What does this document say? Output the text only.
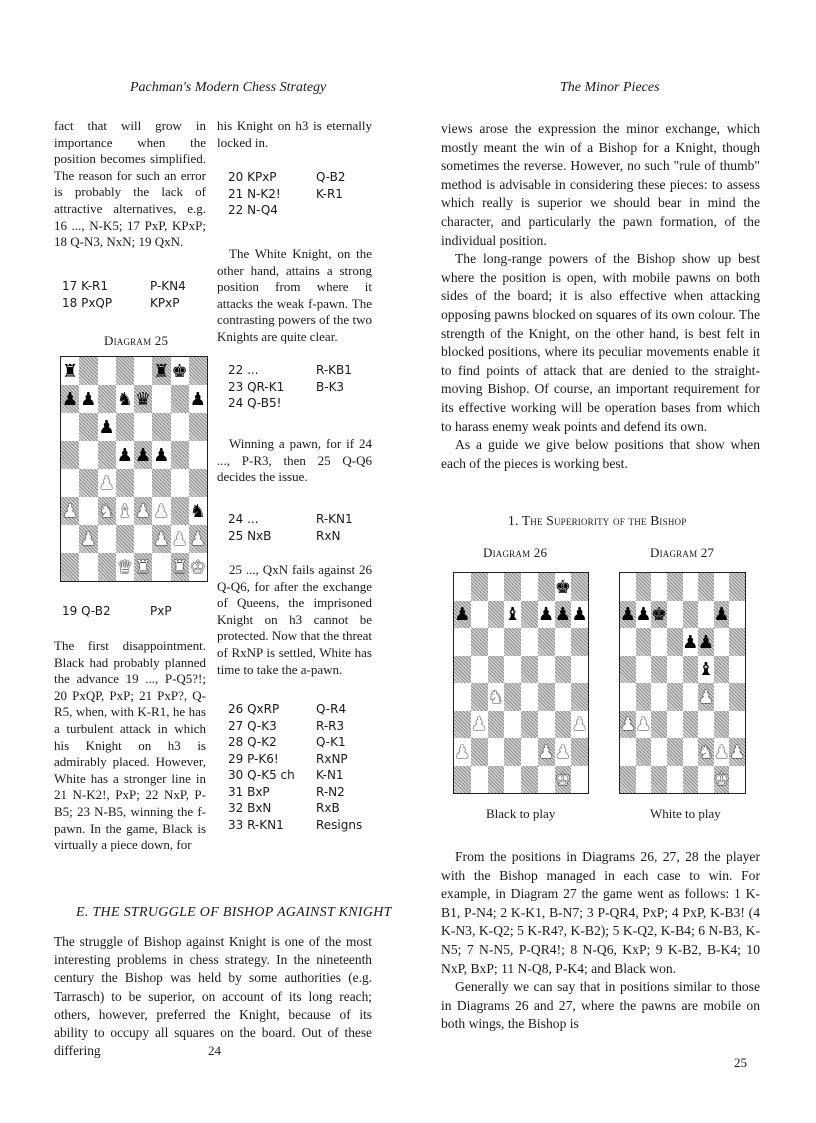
Pachman's Modern Chess Strategy
fact that will grow in importance when the position becomes simplified. The reason for such an error is probably the lack of attractive alternatives, e.g. 16 ..., N-K5; 17 PxP, KPxP; 18 Q-N3, NxN; 19 QxN.
17 K-R1	P-KN4
18 PxQP	KPxP
Diagram 25
♜	♜ ♚
♟ ♟ ♞ ♛ ♟
♟
♟ ♟ ♟
♟
♟ ♞ ♝ ♟ ♟ ♞
♟	♟ ♟ ♟
♛ ♜ ♜ ♚
19 Q-B2	PxP
The first disappointment. Black had probably planned the advance 19 ..., P-Q5?!; 20 PxQP, PxP; 21 PxP?, Q-R5, when, with K-R1, he has a turbulent attack in which his Knight on h3 is admirably placed. However, White has a stronger line in 21 N-K2!, PxP; 22 NxP, P-B5; 23 N-B5, winning the f-pawn. In the game, Black is virtually a piece down, for
his Knight on h3 is eternally locked in.
20 KPxP	Q-B2
21 N-K2!	K-R1
22 N-Q4
The White Knight, on the other hand, attains a strong position from where it attacks the weak f-pawn. The contrasting powers of the two Knights are quite clear.
22 ...	R-KB1
23 QR-K1	B-K3
24 Q-B5!
Winning a pawn, for if 24 ..., P-R3, then 25 Q-Q6 decides the issue.
24 ...	R-KN1
25 NxB	RxN
25 ..., QxN fails against 26 Q-Q6, for after the exchange of Queens, the imprisoned Knight on h3 cannot be protected. Now that the threat of RxNP is settled, White has time to take the a-pawn.
26 QxRP	Q-R4
27 Q-K3	R-R3
28 Q-K2	Q-K1
29 P-K6!	RxNP
30 Q-K5 ch	K-N1
31 BxP	R-N2
32 BxN	RxB
33 R-KN1	Resigns
E. THE STRUGGLE OF BISHOP AGAINST KNIGHT
The struggle of Bishop against Knight is one of the most interesting problems in chess strategy. In the nineteenth century the Bishop was held by some authorities (e.g. Tarrasch) to be superior, on account of its long reach; others, however, preferred the Knight, because of its ability to occupy all squares on the board. Out of these differing	24
The Minor Pieces

views arose the expression the minor exchange, which mostly meant the win of a Bishop for a Knight, though sometimes the reverse. However, no such "rule of thumb" method is advisable in considering these pieces: to assess which really is superior we should bear in mind the character, and particularly the pawn formation, of the individual position.

The long-range powers of the Bishop show up best where the position is open, with mobile pawns on both sides of the board; it is also effective when attacking opposing pawns blocked on squares of its own colour. The strength of the Knight, on the other hand, is best felt in blocked positions, where its peculiar movements enable it to find points of attack that are denied to the straight-moving Bishop. Of course, an important requirement for its effective working will be operation bases from which to harass enemy weak points and defend its own.

As a guide we give below positions that show when each of the pieces is working best.

1. The Superiority of the Bishop
Diagram 26	Diagram 27
♚
♟ ♝ ♟ ♟ ♟
♞
♟	♟
♟	♟ ♟
♚
♟ ♟ ♚	♟
♟ ♟
♝
♟
♟ ♟
♞ ♟ ♟
♚
Black to play	White to play

From the positions in Diagrams 26, 27, 28 the player with the Bishop managed in each case to win. For example, in Diagram 27 the game went as follows: 1 K-B1, P-N4; 2 K-K1, B-N7; 3 P-QR4, PxP; 4 PxP, K-B3! (4 K-N3, K-Q2; 5 K-R4?, K-B2); 5 K-Q2, K-B4; 6 N-B3, K-N5; 7 N-N5, P-QR4!; 8 N-Q6, KxP; 9 K-B2, B-K4; 10 NxP, BxP; 11 N-Q8, P-K4; and Black won.

Generally we can say that in positions similar to those in Diagrams 26 and 27, where the pawns are mobile on both wings, the Bishop is

25
